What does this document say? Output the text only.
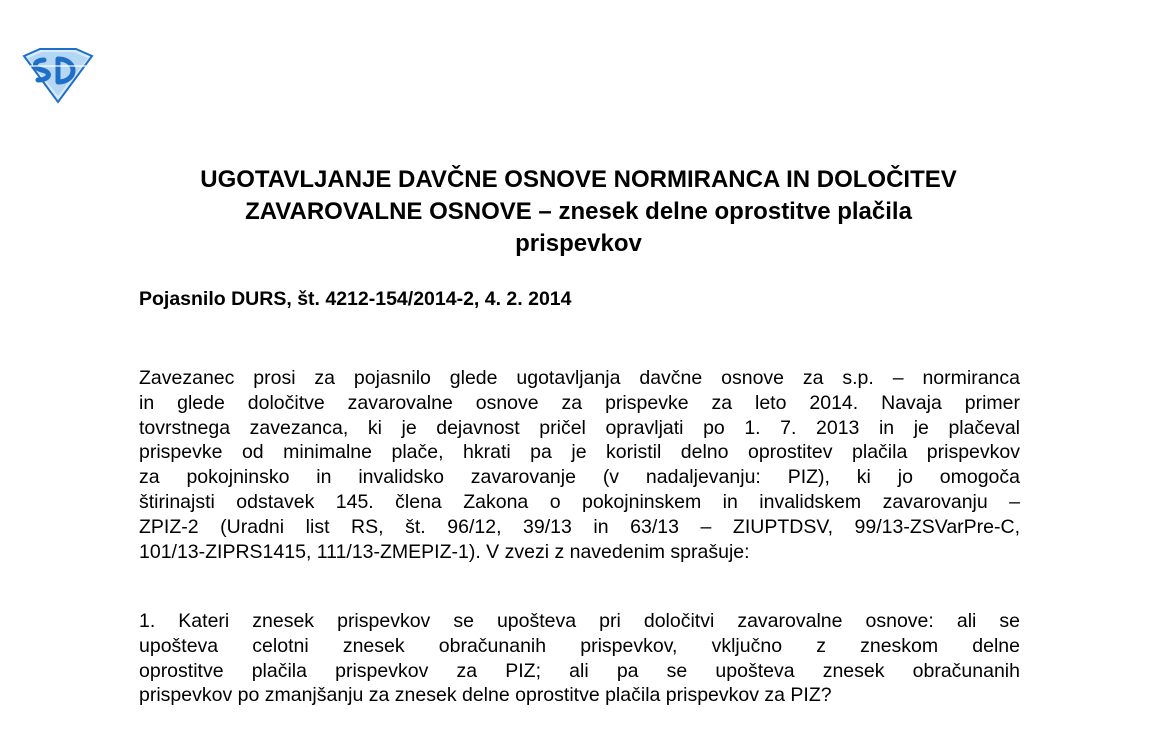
UGOTAVLJANJE DAVČNE OSNOVE NORMIRANCA IN DOLOČITEV
ZAVAROVALNE OSNOVE – znesek delne oprostitve plačila
prispevkov

Pojasnilo DURS, št. 4212-154/2014-2, 4. 2. 2014

Zavezanec prosi za pojasnilo glede ugotavljanja davčne osnove za s.p. – normiranca
in glede določitve zavarovalne osnove za prispevke za leto 2014. Navaja primer
tovrstnega zavezanca, ki je dejavnost pričel opravljati po 1. 7. 2013 in je plačeval
prispevke od minimalne plače, hkrati pa je koristil delno oprostitev plačila prispevkov
za pokojninsko in invalidsko zavarovanje (v nadaljevanju: PIZ), ki jo omogoča
štirinajsti odstavek 145. člena Zakona o pokojninskem in invalidskem zavarovanju –
ZPIZ-2 (Uradni list RS, št. 96/12, 39/13 in 63/13 – ZIUPTDSV, 99/13-ZSVarPre-C,
101/13-ZIPRS1415, 111/13-ZMEPIZ-1). V zvezi z navedenim sprašuje:
1. Kateri znesek prispevkov se upošteva pri določitvi zavarovalne osnove: ali se
upošteva celotni znesek obračunanih prispevkov, vključno z zneskom delne
oprostitve plačila prispevkov za PIZ; ali pa se upošteva znesek obračunanih
prispevkov po zmanjšanju za znesek delne oprostitve plačila prispevkov za PIZ?
